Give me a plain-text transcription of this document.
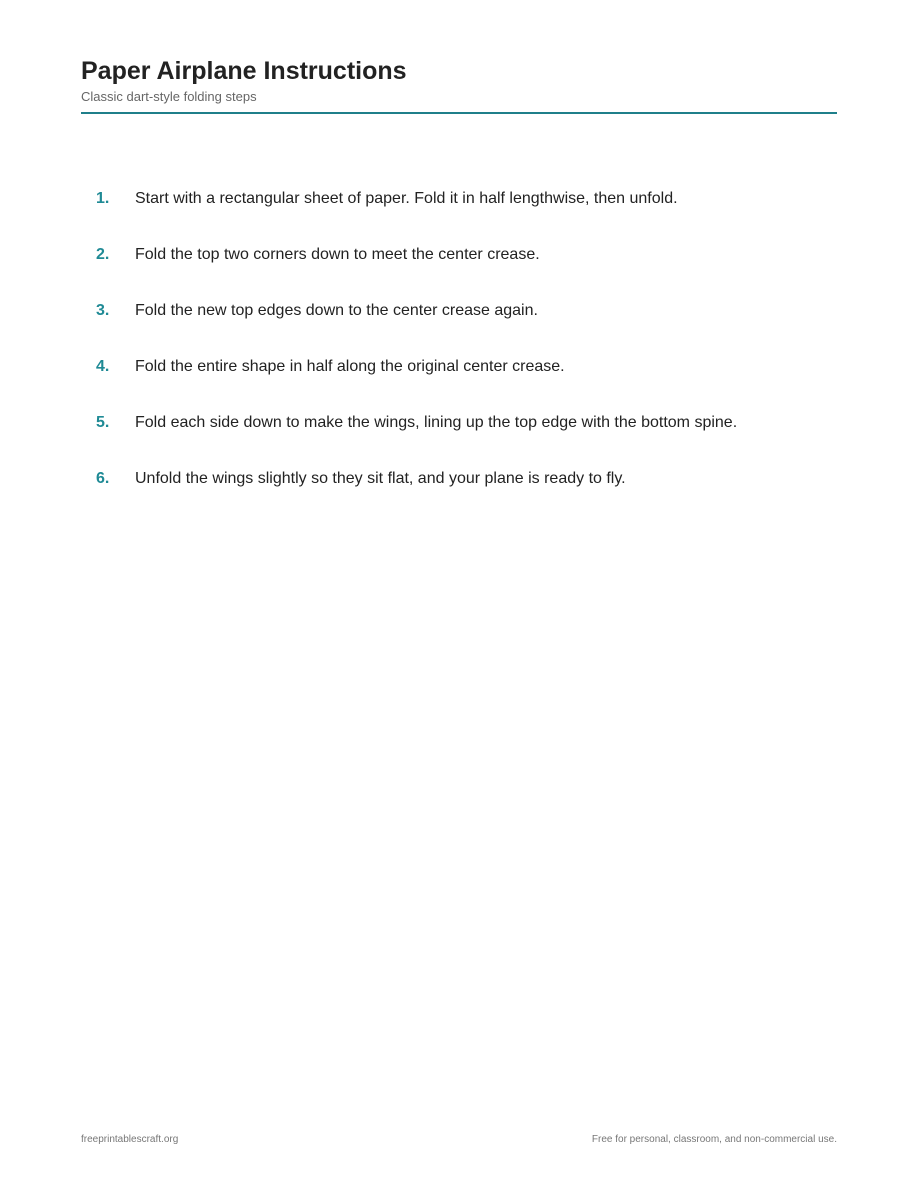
Paper Airplane Instructions

Classic dart-style folding steps

1.	Start with a rectangular sheet of paper. Fold it in half lengthwise, then unfold.
2.	Fold the top two corners down to meet the center crease.
3.	Fold the new top edges down to the center crease again.
4.	Fold the entire shape in half along the original center crease.
5.	Fold each side down to make the wings, lining up the top edge with the bottom spine.
6.	Unfold the wings slightly so they sit flat, and your plane is ready to fly.
freeprintablescraft.org	Free for personal, classroom, and non-commercial use.
